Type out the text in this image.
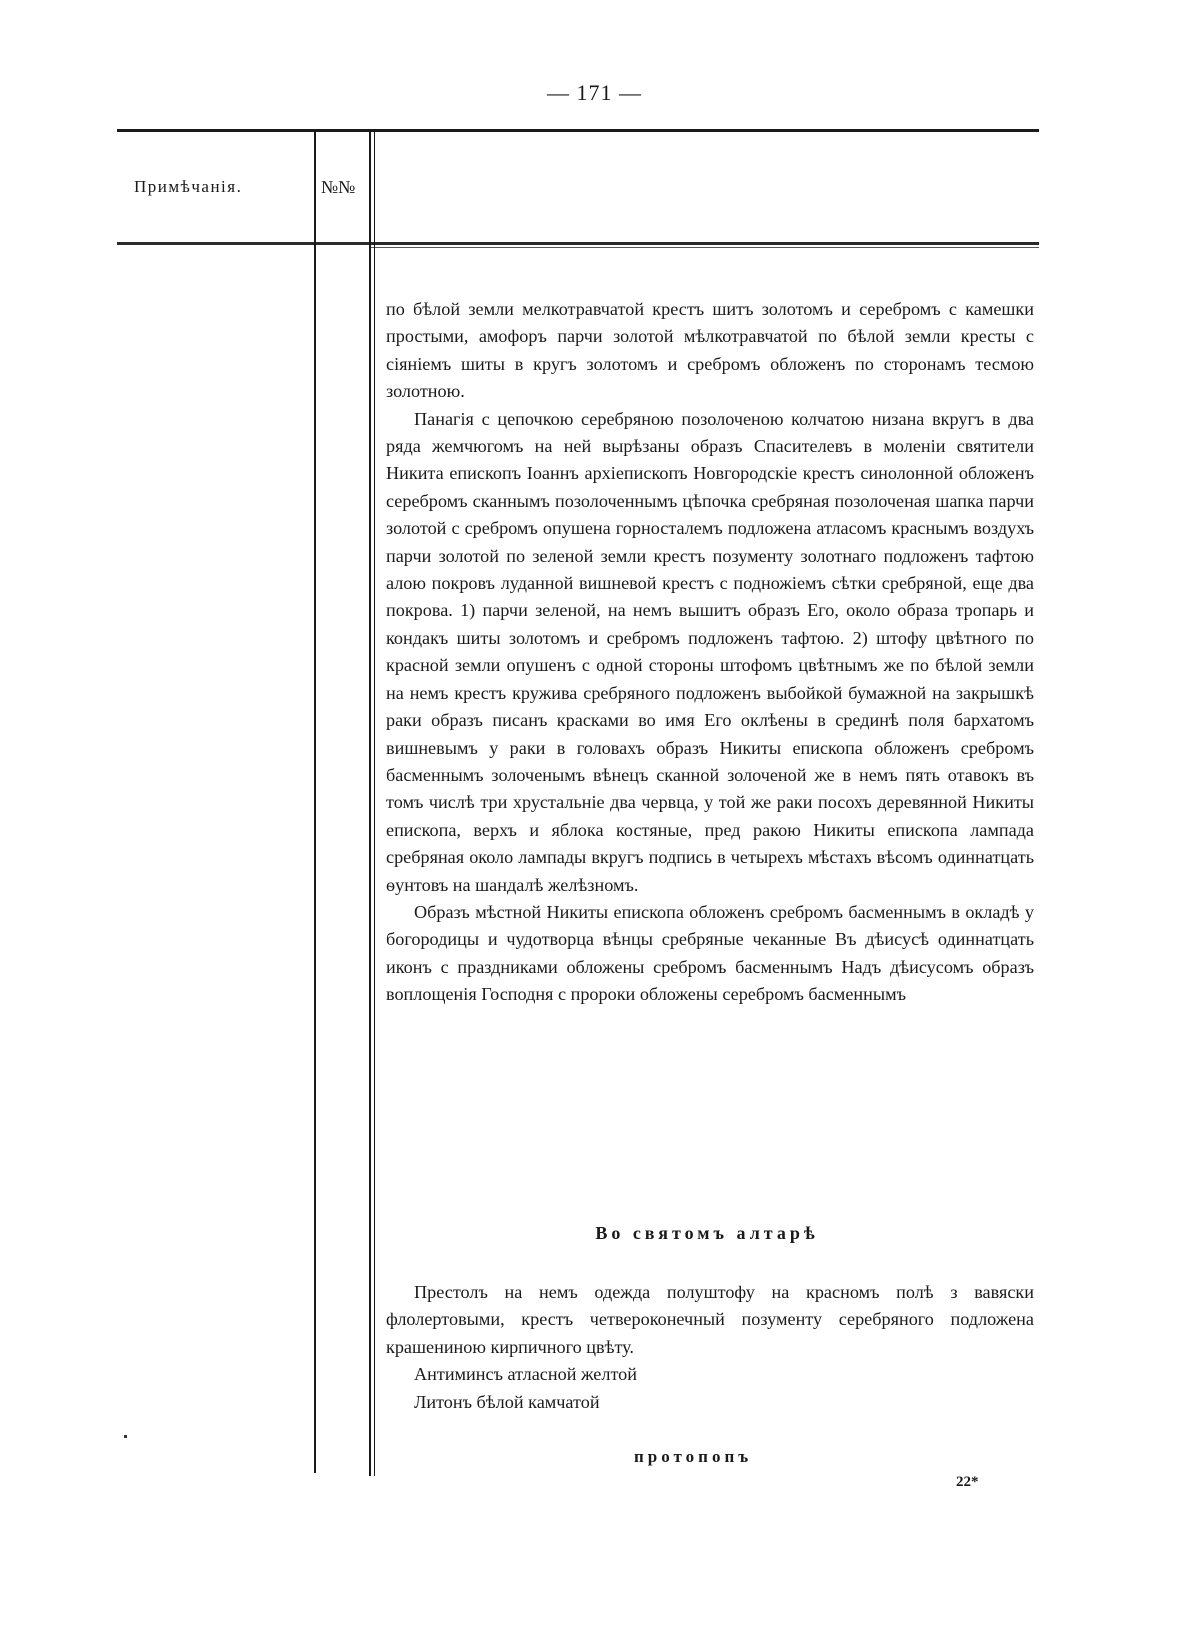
— 171 —
Примѣчанія.	№№

по бѣлой земли мелкотравчатой крестъ шитъ золотомъ и серебромъ с камешки простыми, амофоръ парчи золотой мѣлкотравчатой по бѣлой земли кресты с сіяніемъ шиты в кругъ золотомъ и сребромъ обложенъ по сторонамъ тесмою золотною.

Панагія с цепочкою серебряною позолоченою колчатою низана вкругъ в два ряда жемчюгомъ на ней вырѣзаны образъ Спасителевъ в моленіи святители Никита епископъ Іоаннъ архіепископъ Новгородскіе крестъ синолонной обложенъ серебромъ сканнымъ позолоченнымъ цѣпочка сребряная позолоченая шапка парчи золотой с сребромъ опушена горносталемъ подложена атласомъ краснымъ воздухъ парчи золотой по зеленой земли крестъ позументу золотнаго подложенъ тафтою алою покровъ луданной вишневой крестъ с подножіемъ сѣтки сребряной, еще два покрова. 1) парчи зеленой, на немъ вышитъ образъ Его, около образа тропарь и кондакъ шиты золотомъ и сребромъ подложенъ тафтою. 2) штофу цвѣтного по красной земли опушенъ с одной стороны штофомъ цвѣтнымъ же по бѣлой земли на немъ крестъ кружива сребряного подложенъ выбойкой бумажной на закрышкѣ раки образъ писанъ красками во имя Его оклѣены в срединѣ поля бархатомъ вишневымъ у раки в головахъ образъ Никиты епископа обложенъ сребромъ басменнымъ золоченымъ вѣнецъ сканной золоченой же в немъ пять отавокъ въ томъ числѣ три хрустальніе два червца, у той же раки посохъ деревянной Никиты епископа, верхъ и яблока костяные, пред ракою Никиты епископа лампада сребряная около лампады вкругъ подпись в четырехъ мѣстахъ вѣсомъ одиннатцать ѳунтовъ на шандалѣ желѣзномъ.

Образъ мѣстной Никиты епископа обложенъ сребромъ басменнымъ в окладѣ у богородицы и чудотворца вѣнцы сребряные чеканные Въ дѣисусѣ одиннатцать иконъ с праздниками обложены сребромъ басменнымъ Надъ дѣисусомъ образъ воплощенія Господня с пророки обложены серебромъ басменнымъ

Во святомъ алтарѣ

Престолъ на немъ одежда полуштофу на красномъ полѣ з вавяски флолертовыми, крестъ четвероконечный позументу серебряного подложена крашениною кирпичного цвѣту.

Антиминсъ атласной желтой

Литонъ бѣлой камчатой

протопопъ
22*
